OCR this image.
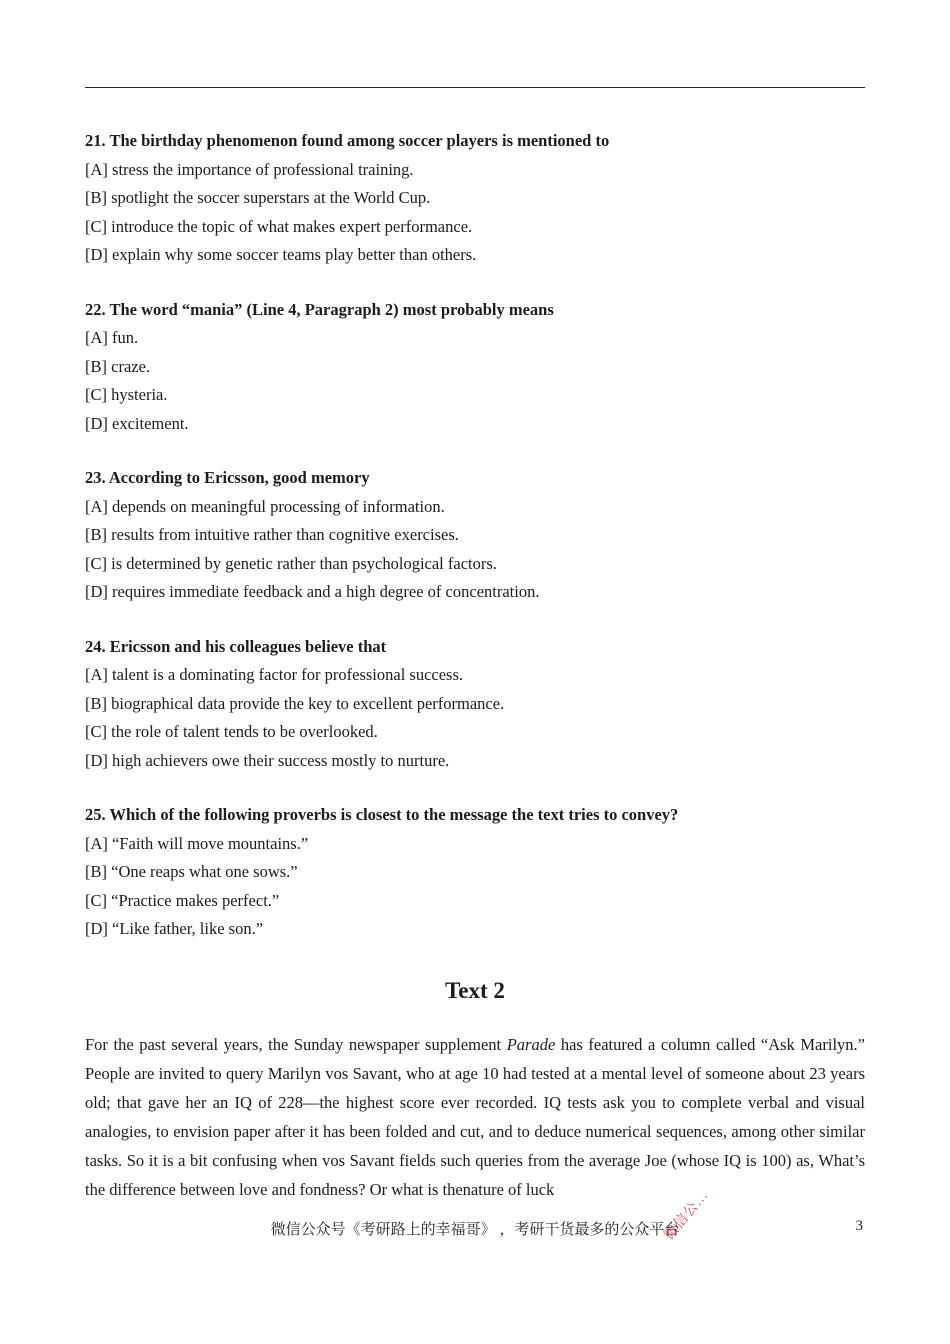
21. The birthday phenomenon found among soccer players is mentioned to

[A] stress the importance of professional training.

[B] spotlight the soccer superstars at the World Cup.

[C] introduce the topic of what makes expert performance.

[D] explain why some soccer teams play better than others.

22. The word “mania” (Line 4, Paragraph 2) most probably means

[A] fun.

[B] craze.

[C] hysteria.

[D] excitement.

23. According to Ericsson, good memory

[A] depends on meaningful processing of information.

[B] results from intuitive rather than cognitive exercises.

[C] is determined by genetic rather than psychological factors.

[D] requires immediate feedback and a high degree of concentration.

24. Ericsson and his colleagues believe that

[A] talent is a dominating factor for professional success.

[B] biographical data provide the key to excellent performance.

[C] the role of talent tends to be overlooked.

[D] high achievers owe their success mostly to nurture.

25. Which of the following proverbs is closest to the message the text tries to convey?

[A] “Faith will move mountains.”

[B] “One reaps what one sows.”

[C] “Practice makes perfect.”

[D] “Like father, like son.”

Text 2

For the past several years, the Sunday newspaper supplement Parade has featured a column called “Ask Marilyn.” People are invited to query Marilyn vos Savant, who at age 10 had tested at a mental level of someone about 23 years old; that gave her an IQ of 228—the highest score ever recorded. IQ tests ask you to complete verbal and visual analogies, to envision paper after it has been folded and cut, and to deduce numerical sequences, among other similar tasks. So it is a bit confusing when vos Savant fields such queries from the average Joe (whose IQ is 100) as, What’s the difference between love and fondness? Or what is thenature of luck	微信公...
微信公众号《考研路上的幸福哥》 ，考研干货最多的公众平台	3
